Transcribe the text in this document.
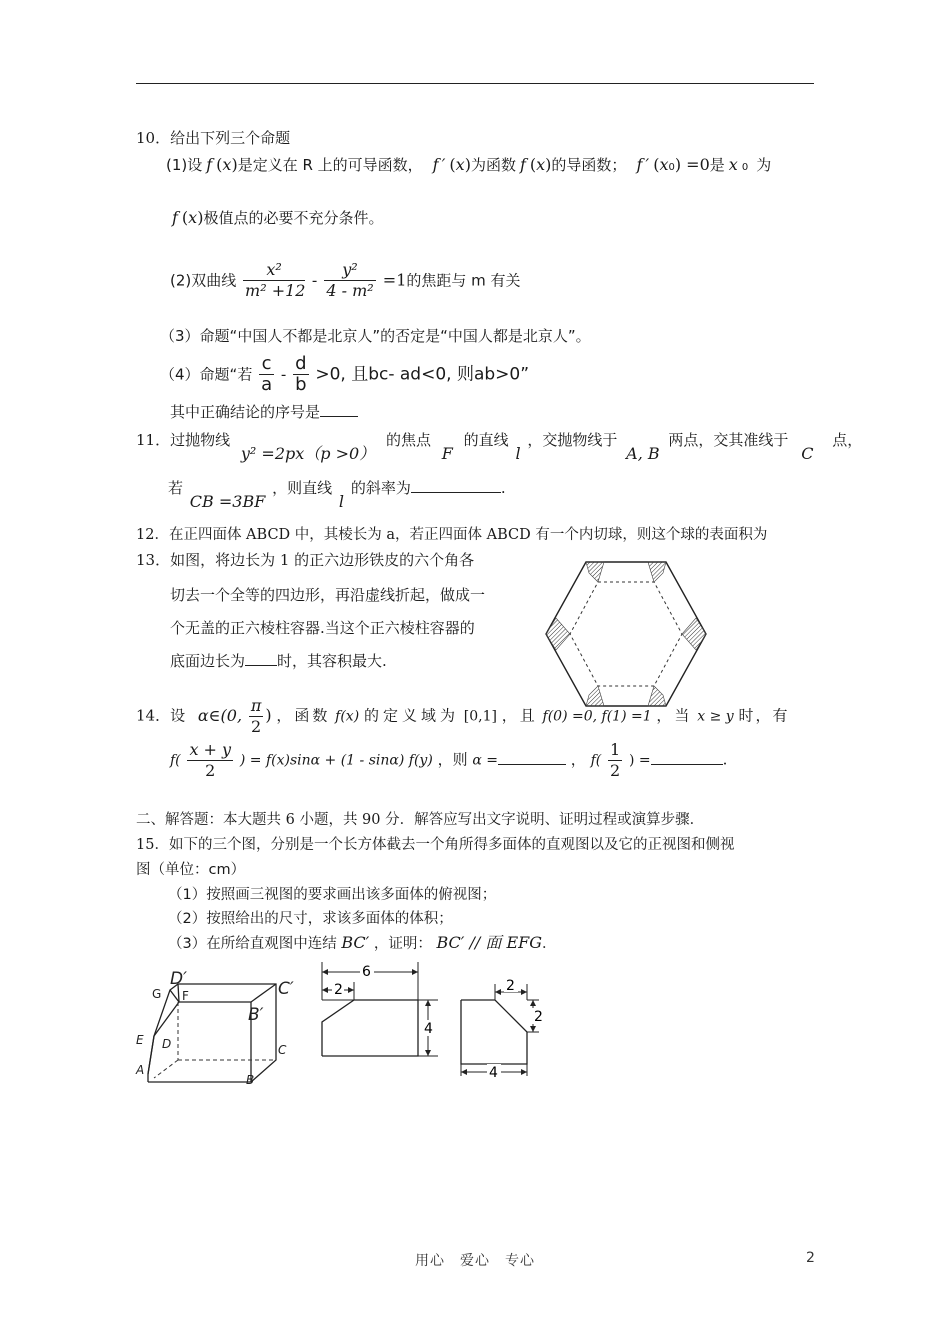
10．给出下列三个命题
(1)设 f (x)是定义在 R 上的可导函数， f ′ (x)为函数 f (x)的导函数； f ′ (x0) =0是 x 0 为
f (x)极值点的必要不充分条件。
(2)双曲线 $\frac{\text{x²}}{\text{m² +12}} - \frac{\text{y²}}{\text{4 - m²}} =1$的焦距与 m 有关
（3）命题“中国人不都是北京人”的否定是“中国人都是北京人”。
（4）命题“若 $\frac{c}{a} - \frac{d}{b} >0$, 且bc- ad<0, 则ab>0”
其中正确结论的序号是
11．过抛物线 y² =2px（p >0） 的焦点 F 的直线 l ，交抛物线于 A, B 两点，交其准线于 C 点，
若 CB =3BF ，则直线 l 的斜率为	.
12．在正四面体 ABCD 中，其棱长为 a，若正四面体 ABCD 有一个内切球，则这个球的表面积为
13．如图，将边长为 1 的正六边形铁皮的六个角各
切去一个全等的四边形，再沿虚线折起，做成一
个无盖的正六棱柱容器.当这个正六棱柱容器的
底面边长为 时，其容积最大.
14．设 α∈(0, $\frac{\pi}{2}$ ) ，函数 f(x) 的定义域为 [0,1] ，且 f(0) =0, f(1) =1 ，当 x ≥ y 时，有
$f( \frac{x + y}{2}$ ) = f(x)sinα + (1 - sinα) f(y) ，则 α =	， $f( \frac{1}{2}$ ) =	.
二、解答题：本大题共 6 小题，共 90 分．解答应写出文字说明、证明过程或演算步骤．
15．如下的三个图，分别是一个长方体截去一个角所得多面体的直观图以及它的正视图和侧视
图（单位：cm）
（1）按照画三视图的要求画出该多面体的俯视图；
（2）按照给出的尺寸，求该多面体的体积；
（3）在所给直观图中连结 BC′ ，证明： BC′ // 面 EFG．
D′	C′
B′
G F
E D	C
A
B
6
2
4
2
2
4
用心　爱心　专心	2
